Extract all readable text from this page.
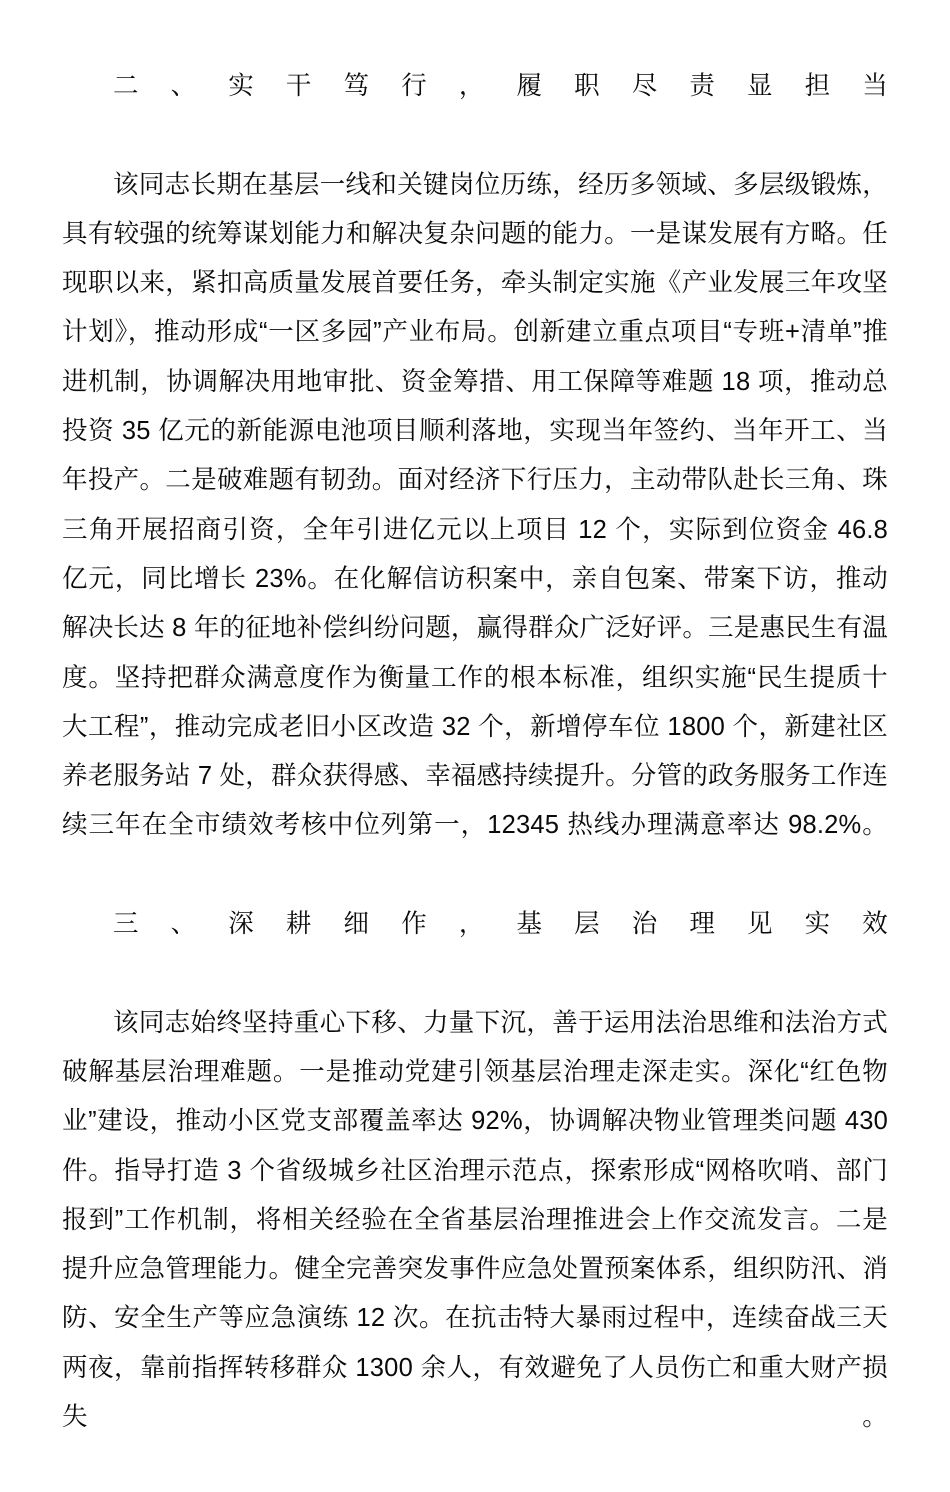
二、实干笃行，履职尽责显担当

该同志长期在基层一线和关键岗位历练，经历多领域、多层级锻炼，具有较强的统筹谋划能力和解决复杂问题的能力。一是谋发展有方略。任现职以来，紧扣高质量发展首要任务，牵头制定实施《产业发展三年攻坚计划》，推动形成“一区多园”产业布局。创新建立重点项目“专班+清单”推进机制，协调解决用地审批、资金筹措、用工保障等难题 18 项，推动总投资 35 亿元的新能源电池项目顺利落地，实现当年签约、当年开工、当年投产。二是破难题有韧劲。面对经济下行压力，主动带队赴长三角、珠三角开展招商引资，全年引进亿元以上项目 12 个，实际到位资金 46.8 亿元，同比增长 23%。在化解信访积案中，亲自包案、带案下访，推动解决长达 8 年的征地补偿纠纷问题，赢得群众广泛好评。三是惠民生有温度。坚持把群众满意度作为衡量工作的根本标准，组织实施“民生提质十大工程”，推动完成老旧小区改造 32 个，新增停车位 1800 个，新建社区养老服务站 7 处，群众获得感、幸福感持续提升。分管的政务服务工作连续三年在全市绩效考核中位列第一，12345 热线办理满意率达 98.2%。

三、深耕细作，基层治理见实效

该同志始终坚持重心下移、力量下沉，善于运用法治思维和法治方式破解基层治理难题。一是推动党建引领基层治理走深走实。深化“红色物业”建设，推动小区党支部覆盖率达 92%，协调解决物业管理类问题 430 件。指导打造 3 个省级城乡社区治理示范点，探索形成“网格吹哨、部门报到”工作机制，将相关经验在全省基层治理推进会上作交流发言。二是提升应急管理能力。健全完善突发事件应急处置预案体系，组织防汛、消防、安全生产等应急演练 12 次。在抗击特大暴雨过程中，连续奋战三天两夜，靠前指挥转移群众 1300 余人，有效避免了人员伤亡和重大财产损失。
